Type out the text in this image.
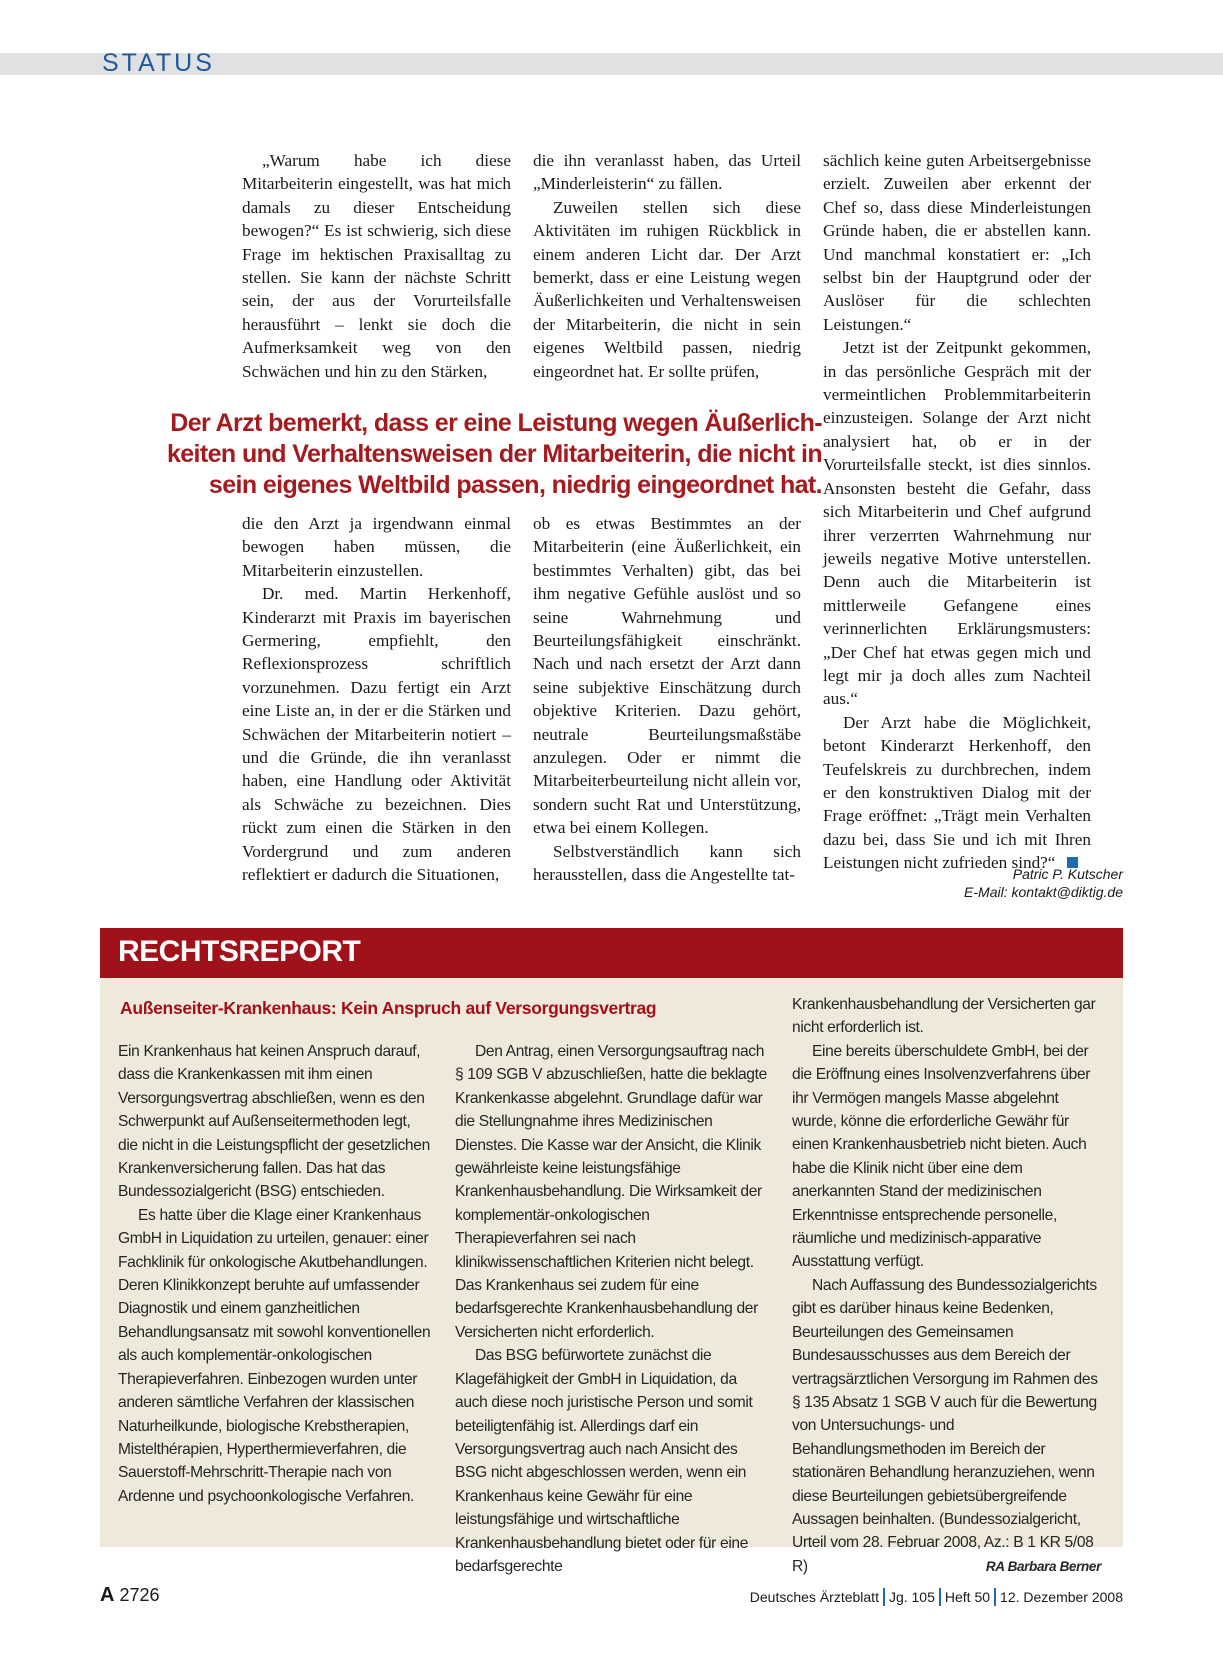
STATUS

„Warum habe ich diese Mitarbeiterin eingestellt, was hat mich damals zu dieser Entscheidung bewogen?“ Es ist schwierig, sich diese Frage im hektischen Praxisalltag zu stellen. Sie kann der nächste Schritt sein, der aus der Vorurteilsfalle herausführt – lenkt sie doch die Aufmerksamkeit weg von den Schwächen und hin zu den Stärken,

die ihn veranlasst haben, das Urteil „Minderleisterin“ zu fällen.

Zuweilen stellen sich diese Aktivitäten im ruhigen Rückblick in einem anderen Licht dar. Der Arzt bemerkt, dass er eine Leistung wegen Äußerlichkeiten und Verhaltensweisen der Mitarbeiterin, die nicht in sein eigenes Weltbild passen, niedrig eingeordnet hat. Er sollte prüfen,

sächlich keine guten Arbeitsergebnisse erzielt. Zuweilen aber erkennt der Chef so, dass diese Minderleistungen Gründe haben, die er abstellen kann. Und manchmal konstatiert er: „Ich selbst bin der Hauptgrund oder der Auslöser für die schlechten Leistungen.“

Jetzt ist der Zeitpunkt gekommen, in das persönliche Gespräch mit der vermeintlichen Problemmitarbeiterin einzusteigen. Solange der Arzt nicht analysiert hat, ob er in der Vorurteilsfalle steckt, ist dies sinnlos. Ansonsten besteht die Gefahr, dass sich Mitarbeiterin und Chef aufgrund ihrer verzerrten Wahrnehmung nur jeweils negative Motive unterstellen. Denn auch die Mitarbeiterin ist mittlerweile Gefangene eines verinnerlichten Erklärungsmusters: „Der Chef hat etwas gegen mich und legt mir ja doch alles zum Nachteil aus.“

Der Arzt habe die Möglichkeit, betont Kinderarzt Herkenhoff, den Teufelskreis zu durchbrechen, indem er den konstruktiven Dialog mit der Frage eröffnet: „Trägt mein Verhalten dazu bei, dass Sie und ich mit Ihren Leistungen nicht zufrieden sind?“

Der Arzt bemerkt, dass er eine Leistung wegen Äußerlich-
keiten und Verhaltensweisen der Mitarbeiterin, die nicht in
sein eigenes Weltbild passen, niedrig eingeordnet hat.

die den Arzt ja irgendwann einmal bewogen haben müssen, die Mitarbeiterin einzustellen.

Dr. med. Martin Herkenhoff, Kinderarzt mit Praxis im bayerischen Germering, empfiehlt, den Reflexionsprozess schriftlich vorzunehmen. Dazu fertigt ein Arzt eine Liste an, in der er die Stärken und Schwächen der Mitarbeiterin notiert – und die Gründe, die ihn veranlasst haben, eine Handlung oder Aktivität als Schwäche zu bezeichnen. Dies rückt zum einen die Stärken in den Vordergrund und zum anderen reflektiert er dadurch die Situationen,

ob es etwas Bestimmtes an der Mitarbeiterin (eine Äußerlichkeit, ein bestimmtes Verhalten) gibt, das bei ihm negative Gefühle auslöst und so seine Wahrnehmung und Beurteilungsfähigkeit einschränkt. Nach und nach ersetzt der Arzt dann seine subjektive Einschätzung durch objektive Kriterien. Dazu gehört, neutrale Beurteilungsmaßstäbe anzulegen. Oder er nimmt die Mitarbeiterbeurteilung nicht allein vor, sondern sucht Rat und Unterstützung, etwa bei einem Kollegen.

Selbstverständlich kann sich herausstellen, dass die Angestellte tat-	Patric P. Kutscher
E-Mail: kontakt@diktig.de
RECHTSREPORT
Außenseiter-Krankenhaus: Kein Anspruch auf Versorgungsvertrag

Ein Krankenhaus hat keinen Anspruch darauf, dass die Krankenkassen mit ihm einen Versorgungsvertrag abschließen, wenn es den Schwerpunkt auf Außenseitermethoden legt, die nicht in die Leistungspflicht der gesetzlichen Krankenversicherung fallen. Das hat das Bundessozialgericht (BSG) entschieden.

Es hatte über die Klage einer Krankenhaus GmbH in Liquidation zu urteilen, genauer: einer Fachklinik für onkologische Akutbehandlungen. Deren Klinikkonzept beruhte auf umfassender Diagnostik und einem ganzheitlichen Behandlungsansatz mit sowohl konventionellen als auch komplementär-onkologischen Therapieverfahren. Einbezogen wurden unter anderen sämtliche Verfahren der klassischen Naturheilkunde, biologische Krebstherapien, Mistelthérapien, Hyperthermieverfahren, die Sauerstoff-Mehrschritt-Therapie nach von Ardenne und psychoonkologische Verfahren.

Den Antrag, einen Versorgungsauftrag nach § 109 SGB V abzuschließen, hatte die beklagte Krankenkasse abgelehnt. Grundlage dafür war die Stellungnahme ihres Medizinischen Dienstes. Die Kasse war der Ansicht, die Klinik gewährleiste keine leistungsfähige Krankenhausbehandlung. Die Wirksamkeit der komplementär-onkologischen Therapieverfahren sei nach klinikwissenschaftlichen Kriterien nicht belegt. Das Krankenhaus sei zudem für eine bedarfsgerechte Krankenhausbehandlung der Versicherten nicht erforderlich.

Das BSG befürwortete zunächst die Klagefähigkeit der GmbH in Liquidation, da auch diese noch juristische Person und somit beteiligtenfähig ist. Allerdings darf ein Versorgungsvertrag auch nach Ansicht des BSG nicht abgeschlossen werden, wenn ein Krankenhaus keine Gewähr für eine leistungsfähige und wirtschaftliche Krankenhausbehandlung bietet oder für eine bedarfsgerechte

Krankenhausbehandlung der Versicherten gar nicht erforderlich ist.

Eine bereits überschuldete GmbH, bei der die Eröffnung eines Insolvenzverfahrens über ihr Vermögen mangels Masse abgelehnt wurde, könne die erforderliche Gewähr für einen Krankenhausbetrieb nicht bieten. Auch habe die Klinik nicht über eine dem anerkannten Stand der medizinischen Erkenntnisse entsprechende personelle, räumliche und medizinisch-apparative Ausstattung verfügt.

Nach Auffassung des Bundessozialgerichts gibt es darüber hinaus keine Bedenken, Beurteilungen des Gemeinsamen Bundesausschusses aus dem Bereich der vertragsärztlichen Versorgung im Rahmen des § 135 Absatz 1 SGB V auch für die Bewertung von Untersuchungs- und Behandlungsmethoden im Bereich der stationären Behandlung heranzuziehen, wenn diese Beurteilungen gebietsübergreifende Aussagen beinhalten. (Bundessozialgericht, Urteil vom 28. Februar 2008, Az.: B 1 KR 5/08 R)	RA Barbara Berner

A 2726	Deutsches Ärzteblatt Jg. 105 Heft 50 12. Dezember 2008
